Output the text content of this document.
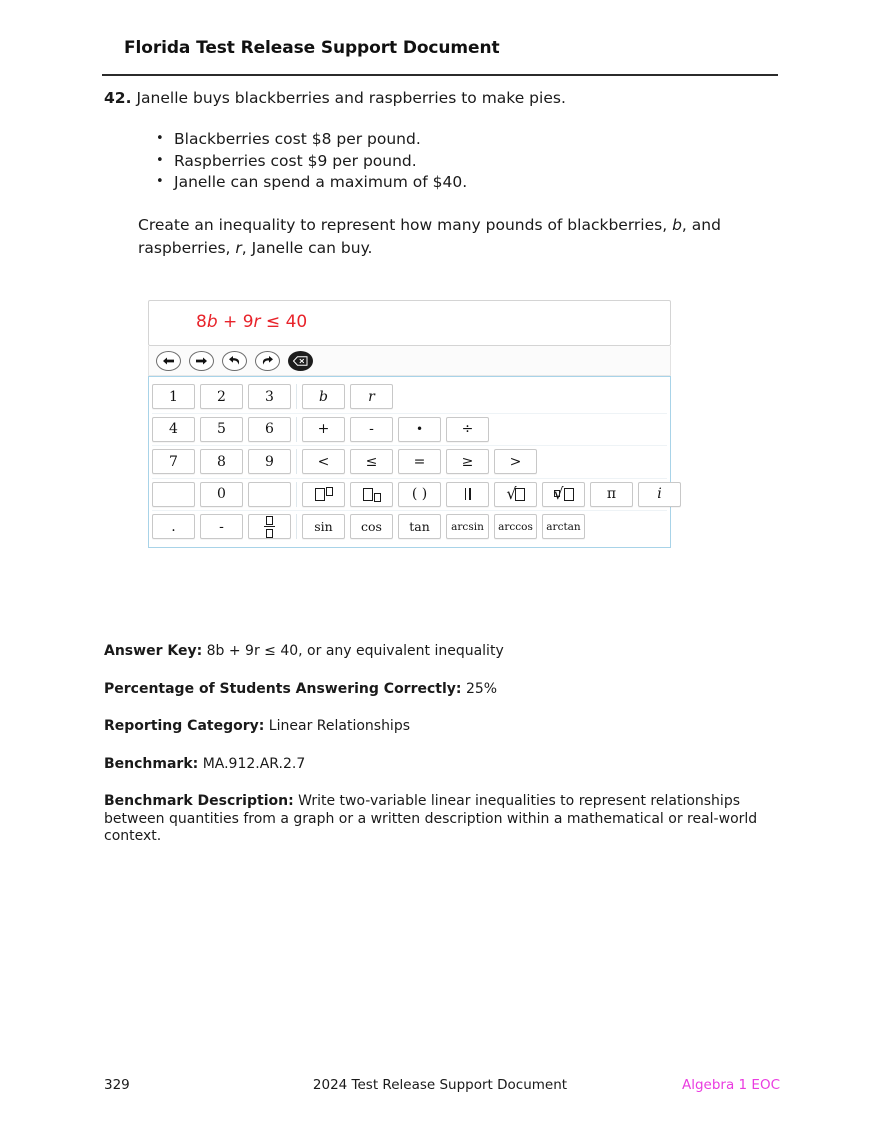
Florida Test Release Support Document
42. Janelle buys blackberries and raspberries to make pies.
• Blackberries cost $8 per pound.
• Raspberries cost $9 per pound.
• Janelle can spend a maximum of $40.
Create an inequality to represent how many pounds of blackberries, b, and raspberries, r, Janelle can buy.
8b + 9r ≤ 40
1	2	3	b	r
4	5	6	+	-	•	÷
7	8	9	<	≤	=	≥	>
0	( )	√ √	π	i
.	-	sin cos tan arcsin arccos arctan

Answer Key: 8b + 9r ≤ 40, or any equivalent inequality

Percentage of Students Answering Correctly: 25%

Reporting Category: Linear Relationships

Benchmark: MA.912.AR.2.7

Benchmark Description: Write two-variable linear inequalities to represent relationships between quantities from a graph or a written description within a mathematical or real-world context.

329	2024 Test Release Support Document	Algebra 1 EOC
